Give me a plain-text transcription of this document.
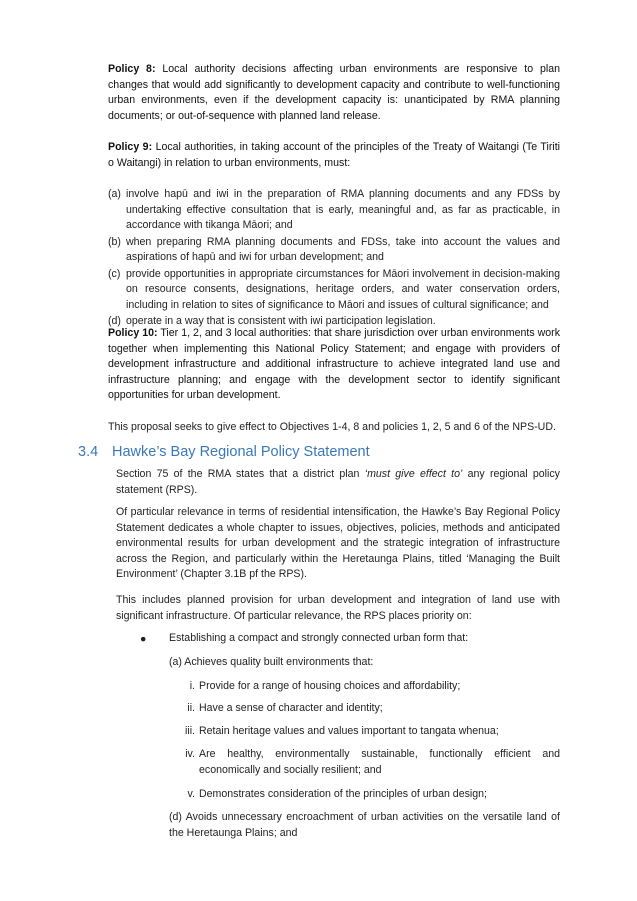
Policy 8: Local authority decisions affecting urban environments are responsive to plan changes that would add significantly to development capacity and contribute to well-functioning urban environments, even if the development capacity is: unanticipated by RMA planning documents; or out-of-sequence with planned land release.

Policy 9: Local authorities, in taking account of the principles of the Treaty of Waitangi (Te Tiriti o Waitangi) in relation to urban environments, must:

(a) involve hapū and iwi in the preparation of RMA planning documents and any FDSs by undertaking effective consultation that is early, meaningful and, as far as practicable, in accordance with tikanga Māori; and
(b) when preparing RMA planning documents and FDSs, take into account the values and aspirations of hapū and iwi for urban development; and
(c) provide opportunities in appropriate circumstances for Māori involvement in decision-making on resource consents, designations, heritage orders, and water conservation orders, including in relation to sites of significance to Māori and issues of cultural significance; and
(d) operate in a way that is consistent with iwi participation legislation.

Policy 10: Tier 1, 2, and 3 local authorities: that share jurisdiction over urban environments work together when implementing this National Policy Statement; and engage with providers of development infrastructure and additional infrastructure to achieve integrated land use and infrastructure planning; and engage with the development sector to identify significant opportunities for urban development.

This proposal seeks to give effect to Objectives 1-4, 8 and policies 1, 2, 5 and 6 of the NPS-UD.

3.4 Hawke’s Bay Regional Policy Statement

Section 75 of the RMA states that a district plan ‘must give effect to’ any regional policy statement (RPS).

Of particular relevance in terms of residential intensification, the Hawke’s Bay Regional Policy Statement dedicates a whole chapter to issues, objectives, policies, methods and anticipated environmental results for urban development and the strategic integration of infrastructure across the Region, and particularly within the Heretaunga Plains, titled ‘Managing the Built Environment’ (Chapter 3.1B pf the RPS).

This includes planned provision for urban development and integration of land use with significant infrastructure. Of particular relevance, the RPS places priority on:

● Establishing a compact and strongly connected urban form that:
(a) Achieves quality built environments that:
i. Provide for a range of housing choices and affordability;
ii. Have a sense of character and identity;
iii. Retain heritage values and values important to tangata whenua;
iv. Are healthy, environmentally sustainable, functionally efficient and economically and socially resilient; and
v. Demonstrates consideration of the principles of urban design;
(d) Avoids unnecessary encroachment of urban activities on the versatile land of the Heretaunga Plains; and
